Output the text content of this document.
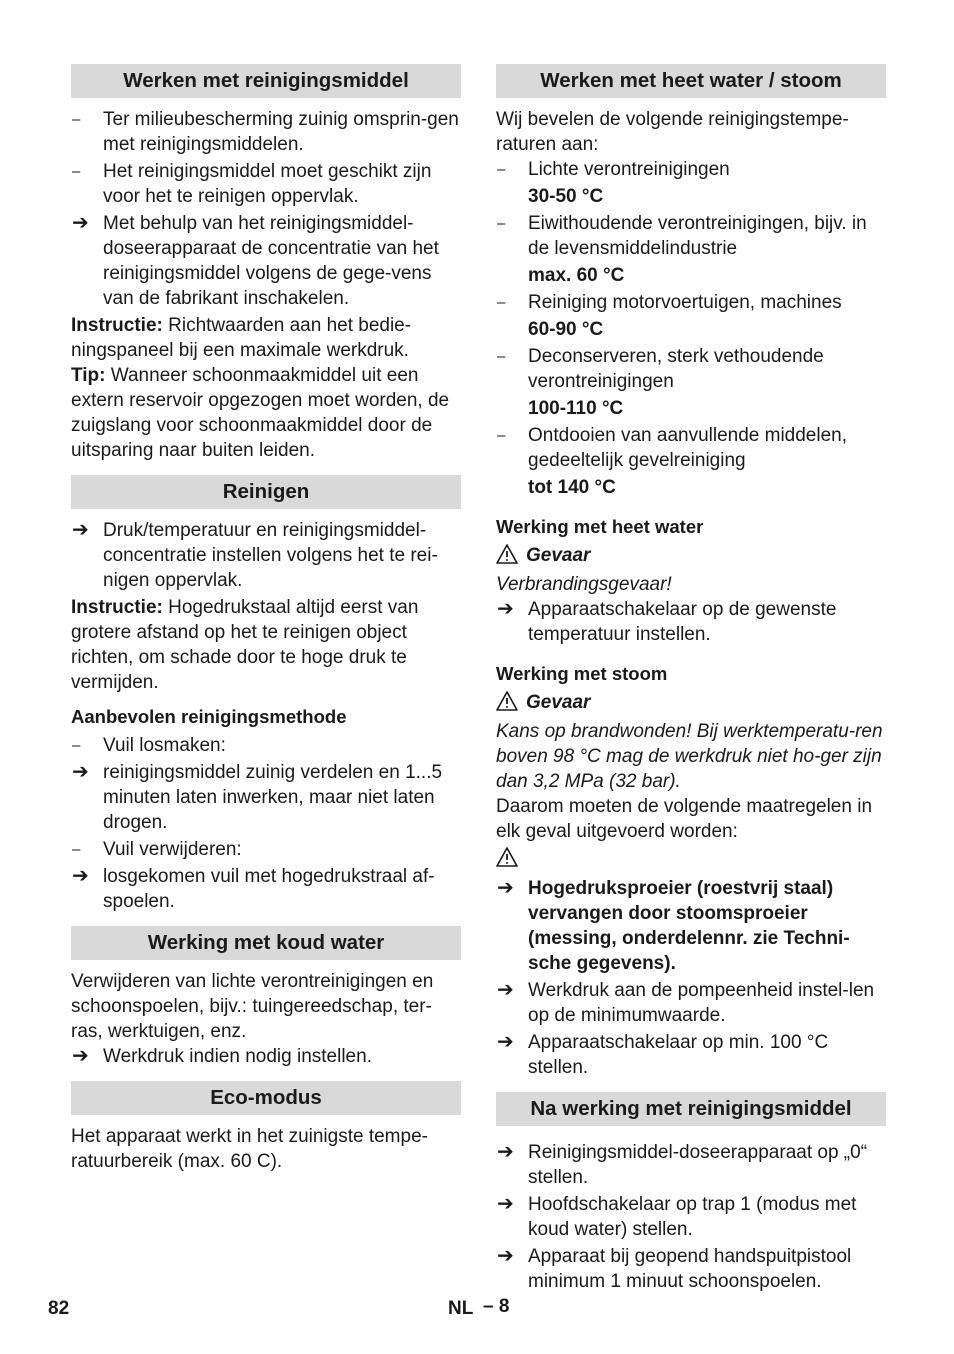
Werken met reinigingsmiddel
–	Ter milieubescherming zuinig omsprin-gen met reinigingsmiddelen.
–	Het reinigingsmiddel moet geschikt zijn voor het te reinigen oppervlak.
➔ Met behulp van het reinigingsmiddel-doseerapparaat de concentratie van het reinigingsmiddel volgens de gege-vens van de fabrikant inschakelen.
Instructie: Richtwaarden aan het bedie-ningspaneel bij een maximale werkdruk.
Tip: Wanneer schoonmaakmiddel uit een extern reservoir opgezogen moet worden, de zuigslang voor schoonmaakmiddel door de uitsparing naar buiten leiden.
Reinigen
➔ Druk/temperatuur en reinigingsmiddel-concentratie instellen volgens het te rei-nigen oppervlak.
Instructie: Hogedrukstaal altijd eerst van grotere afstand op het te reinigen object richten, om schade door te hoge druk te vermijden.
Aanbevolen reinigingsmethode
–	Vuil losmaken:
➔ reinigingsmiddel zuinig verdelen en 1...5 minuten laten inwerken, maar niet laten drogen.
–	Vuil verwijderen:
➔ losgekomen vuil met hogedrukstraal af-spoelen.
Werking met koud water
Verwijderen van lichte verontreinigingen en schoonspoelen, bijv.: tuingereedschap, ter-ras, werktuigen, enz.
➔ Werkdruk indien nodig instellen.
Eco-modus
Het apparaat werkt in het zuinigste tempe-ratuurbereik (max. 60 C).
Werken met heet water / stoom
Wij bevelen de volgende reinigingstempe-raturen aan:
–	Lichte verontreinigingen
30-50 °C
–	Eiwithoudende verontreinigingen, bijv. in de levensmiddelindustrie
max. 60 °C
–	Reiniging motorvoertuigen, machines
60-90 °C
–	Deconserveren, sterk vethoudende verontreinigingen
100-110 °C
–	Ontdooien van aanvullende middelen, gedeeltelijk gevelreiniging
tot 140 °C
Werking met heet water
Gevaar
Verbrandingsgevaar!
➔ Apparaatschakelaar op de gewenste temperatuur instellen.
Werking met stoom
Gevaar
Kans op brandwonden! Bij werktemperatu-ren boven 98 °C mag de werkdruk niet ho-ger zijn dan 3,2 MPa (32 bar).
Daarom moeten de volgende maatregelen in elk geval uitgevoerd worden:
➔ Hogedruksproeier (roestvrij staal) vervangen door stoomsproeier (messing, onderdelennr. zie Techni-sche gegevens).
➔ Werkdruk aan de pompeenheid instel-len op de minimumwaarde.
➔ Apparaatschakelaar op min. 100 °C stellen.
Na werking met reinigingsmiddel
➔ Reinigingsmiddel-doseerapparaat op „0“ stellen.
➔ Hoofdschakelaar op trap 1 (modus met koud water) stellen.
➔ Apparaat bij geopend handspuitpistool minimum 1 minuut schoonspoelen.
82	NL – 8
